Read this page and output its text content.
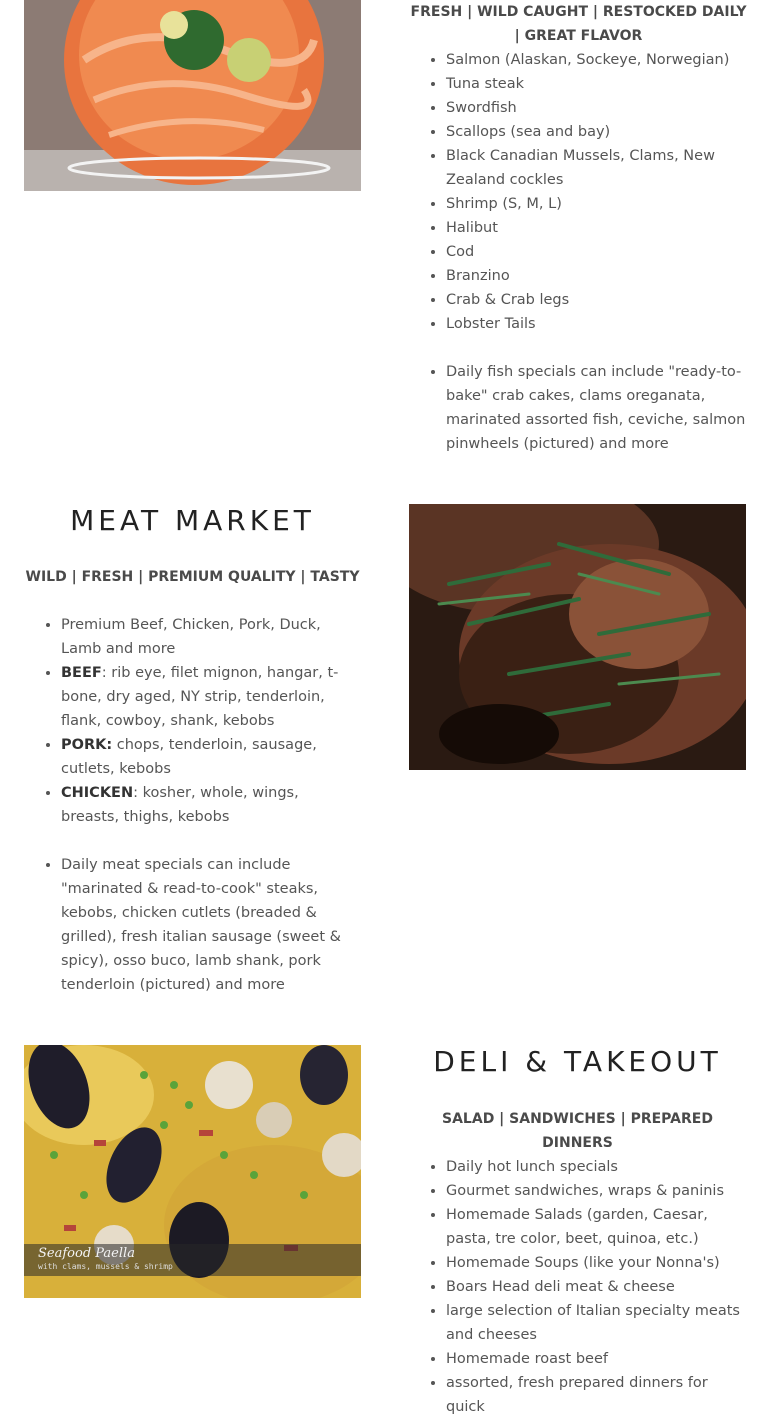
FRESH | WILD CAUGHT | RESTOCKED DAILY | GREAT FLAVOR
• Salmon (Alaskan, Sockeye, Norwegian)
• Tuna steak
• Swordfish
• Scallops (sea and bay)
• Black Canadian Mussels, Clams, New Zealand cockles
• Shrimp (S, M, L)
• Halibut
• Cod
• Branzino
• Crab & Crab legs
• Lobster Tails
• Daily fish specials can include "ready-to-bake" crab cakes, clams oreganata, marinated assorted fish, ceviche, salmon pinwheels (pictured) and more
MEAT MARKET
WILD | FRESH | PREMIUM QUALITY | TASTY
• Premium Beef, Chicken, Pork, Duck, Lamb and more
• BEEF: rib eye, filet mignon, hangar, t-bone, dry aged, NY strip, tenderloin, flank, cowboy, shank, kebobs
• PORK: chops, tenderloin, sausage, cutlets, kebobs
• CHICKEN: kosher, whole, wings, breasts, thighs, kebobs
• Daily meat specials can include "marinated & read-to-cook" steaks, kebobs, chicken cutlets (breaded & grilled), fresh italian sausage (sweet & spicy), osso buco, lamb shank, pork tenderloin (pictured) and more
Seafood Paella
with clams, mussels & shrimp
DELI & TAKEOUT
SALAD | SANDWICHES | PREPARED DINNERS
• Daily hot lunch specials
• Gourmet sandwiches, wraps & paninis
• Homemade Salads (garden, Caesar, pasta, tre color, beet, quinoa, etc.)
• Homemade Soups (like your Nonna's)
• Boars Head deli meat & cheese
• large selection of Italian specialty meats and cheeses
• Homemade roast beef
• assorted, fresh prepared dinners for quick
